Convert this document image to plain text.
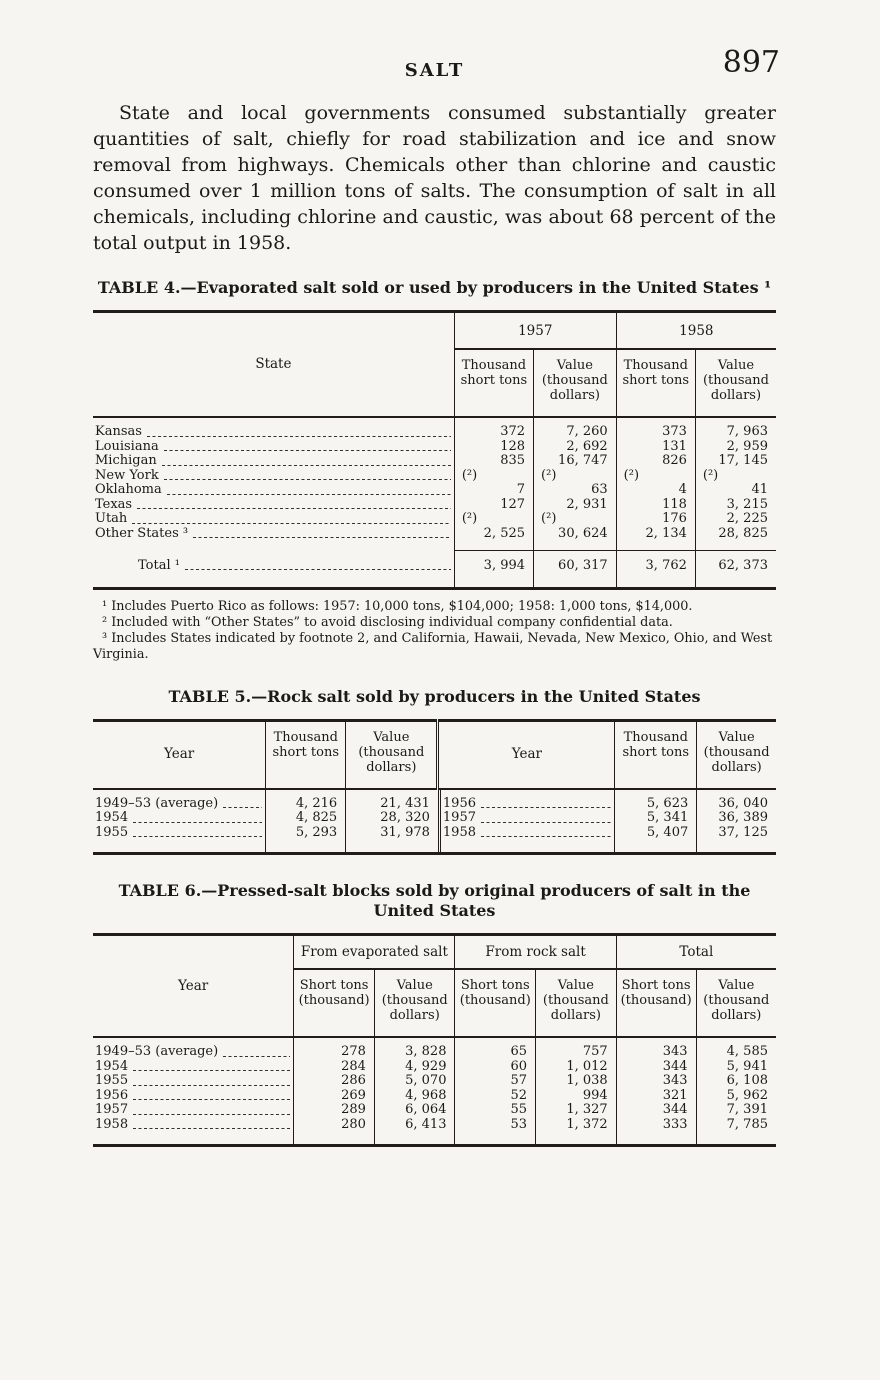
SALT	897

State and local governments consumed substantially greater quantities of salt, chiefly for road stabilization and ice and snow removal from highways. Chemicals other than chlorine and caustic consumed over 1 million tons of salts. The consumption of salt in all chemicals, including chlorine and caustic, was about 68 percent of the total output in 1958.

TABLE 4.—Evaporated salt sold or used by producers in the United States ¹
State	1957		1958	
	Thousand short tons	Value (thousand dollars)	Thousand short tons	Value (thousand dollars)

Kansas	372	7, 260	373	7, 963

Louisiana	128	2, 692	131	2, 959

Michigan	835	16, 747	826	17, 145

New York	(²)	(²)	(²)	(²)

Oklahoma	7	63	4	41

Texas	127	2, 931	118	3, 215

Utah	(²)	(²)	176	2, 225

Other States ³	2, 525	30, 624	2, 134	28, 825

Total ¹	3, 994	60, 317	3, 762	62, 373

¹ Includes Puerto Rico as follows: 1957: 10,000 tons, $104,000; 1958: 1,000 tons, $14,000.

² Included with “Other States” to avoid disclosing individual company confidential data.

³ Includes States indicated by footnote 2, and California, Hawaii, Nevada, New Mexico, Ohio, and West Virginia.

TABLE 5.—Rock salt sold by producers in the United States
Year	Thousand short tons	Value (thousand dollars)	Year	Thousand short tons	Value (thousand dollars)

1949–53 (average)	4, 216	21, 431	1956	5, 623	36, 040

1954	4, 825	28, 320	1957	5, 341	36, 389

1955	5, 293	31, 978	1958	5, 407	37, 125
TABLE 6.—Pressed-salt blocks sold by original producers of salt in the United States
Year	From evaporated salt		From rock salt		Total	
	Short tons (thousand)	Value (thousand dollars)	Short tons (thousand)	Value (thousand dollars)	Short tons (thousand)	Value (thousand dollars)

1949–53 (average)	278	3, 828	65	757	343	4, 585

1954	284	4, 929	60	1, 012	344	5, 941

1955	286	5, 070	57	1, 038	343	6, 108

1956	269	4, 968	52	994	321	5, 962

1957	289	6, 064	55	1, 327	344	7, 391

1958	280	6, 413	53	1, 372	333	7, 785
